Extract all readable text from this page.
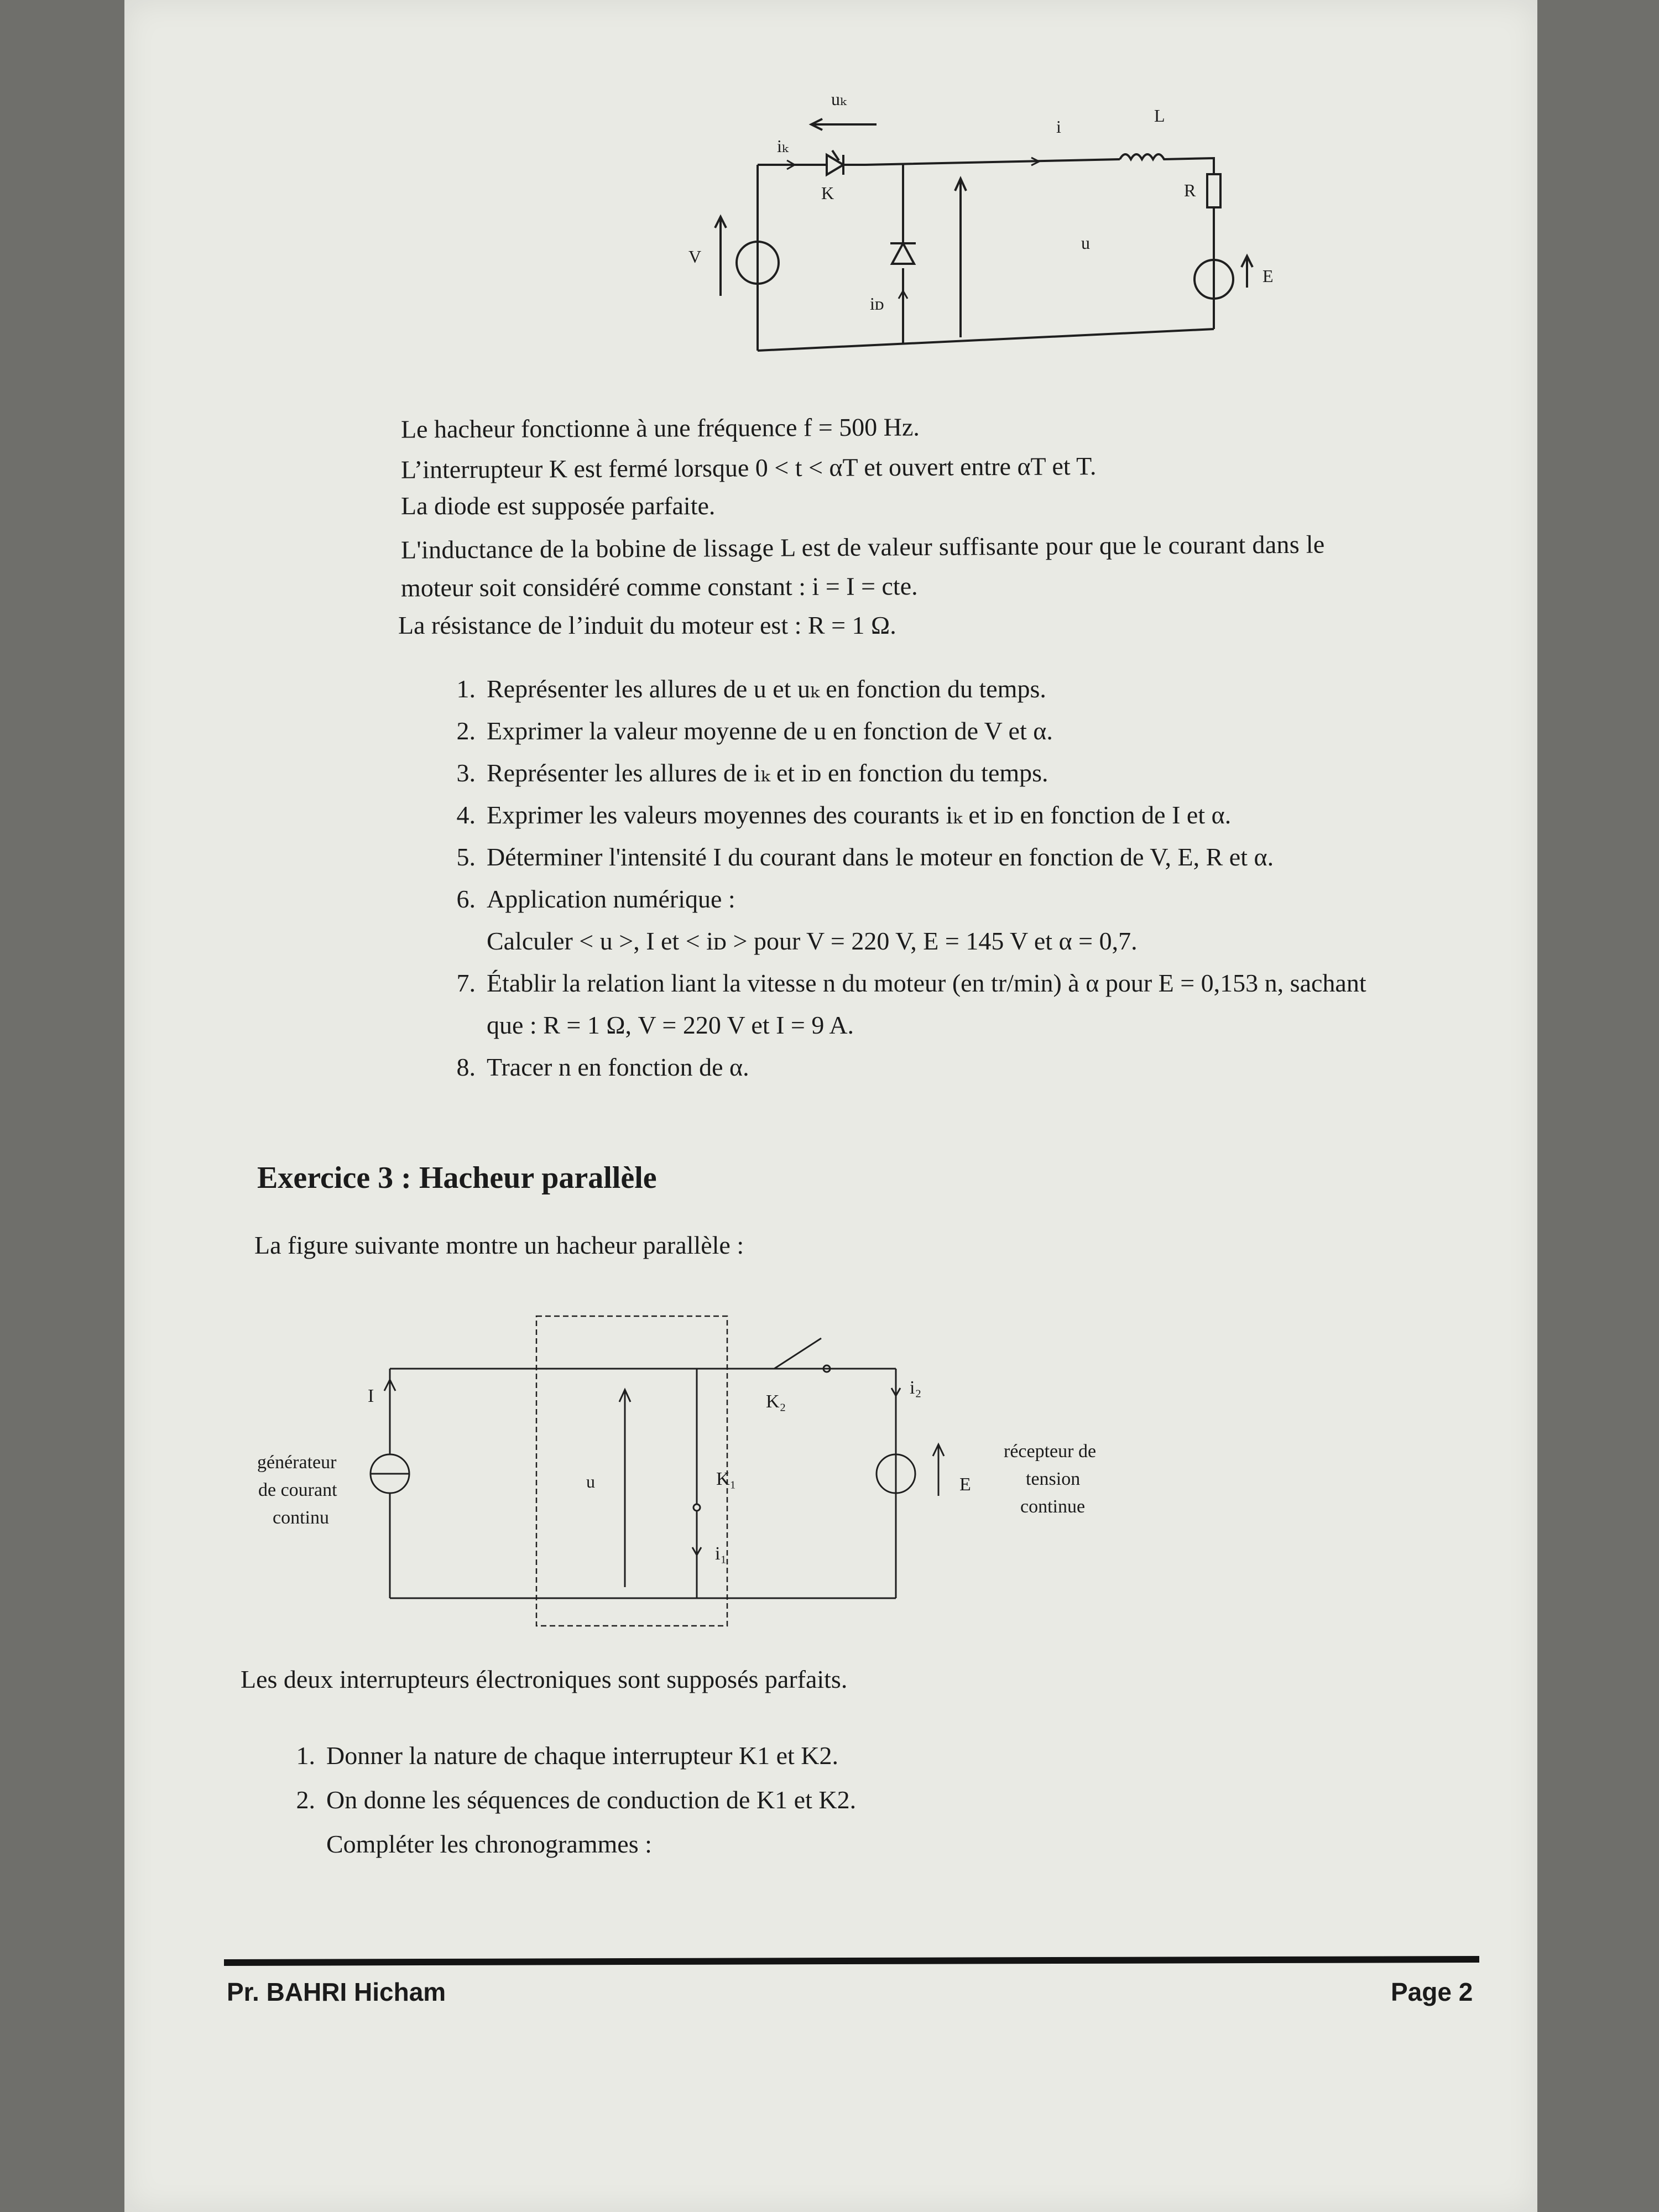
uₖ
iₖ
i
L
K	R
V
u
E
iᴅ
Le hacheur fonctionne à une fréquence f = 500 Hz.
L’interrupteur K est fermé lorsque 0 < t < αT et ouvert entre αT et T.
La diode est supposée parfaite.
L'inductance de la bobine de lissage L est de valeur suffisante pour que le courant dans le
moteur soit considéré comme constant : i = I = cte.
La résistance de l’induit du moteur est : R = 1 Ω.
1. Représenter les allures de u et uₖ en fonction du temps.
2. Exprimer la valeur moyenne de u en fonction de V et α.
3. Représenter les allures de iₖ et iᴅ en fonction du temps.
4. Exprimer les valeurs moyennes des courants iₖ et iᴅ en fonction de I et α.
5. Déterminer l'intensité I du courant dans le moteur en fonction de V, E, R et α.
6. Application numérique :
Calculer < u >, I et < iᴅ > pour V = 220 V, E = 145 V et α = 0,7.
7. Établir la relation liant la vitesse n du moteur (en tr/min) à α pour E = 0,153 n, sachant
que : R = 1 Ω, V = 220 V et I = 9 A.
8. Tracer n en fonction de α.
Exercice 3 : Hacheur parallèle
La figure suivante montre un hacheur parallèle :
I
générateur
de courant
continu
u	K₁
K₂
i₁
i₂
E
récepteur de
tension
continue
Les deux interrupteurs électroniques sont supposés parfaits.
1. Donner la nature de chaque interrupteur K1 et K2.
2. On donne les séquences de conduction de K1 et K2.
Compléter les chronogrammes :
Pr. BAHRI Hicham	Page 2
